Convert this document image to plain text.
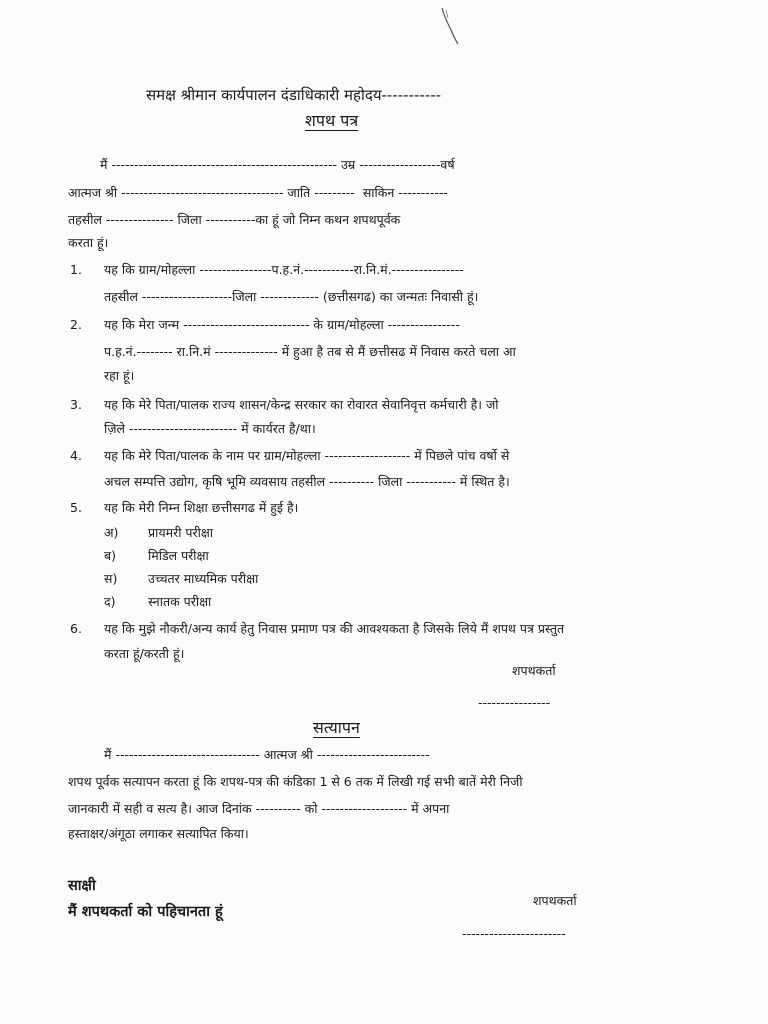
समक्ष श्रीमान कार्यपालन दंडाधिकारी महोदय-----------
शपथ पत्र
मैं -------------------------------------------------- उम्र ------------------वर्ष
आत्मज श्री ------------------------------------ जाति ---------  साकिन -----------
तहसील --------------- जिला -----------का हूं जो निम्न कथन शपथपूर्वक
करता हूं।
1. यह कि ग्राम/मोहल्ला ----------------प.ह.नं.-----------रा.नि.मं.----------------
तहसील --------------------जिला ------------- (छत्तीसगढ) का जन्मतः निवासी हूं।
2. यह कि मेरा जन्म ---------------------------- के ग्राम/मोहल्ला ----------------
प.ह.नं.-------- रा.नि.मं -------------- में हुआ है तब से मैं छत्तीसढ में निवास करते चला आ
रहा हूं।
3. यह कि मेरे पिता/पालक राज्य शासन/केन्द्र सरकार का रोवारत सेवानिवृत्त कर्मचारी है। जो
ज़िले ------------------------ में कार्यरत है/था।
4. यह कि मेरे पिता/पालक के नाम पर ग्राम/मोहल्ला ------------------- में पिछले पांच वर्षो से
अचल सम्पत्ति उद्योग, कृषि भूमि व्यवसाय तहसील ---------- जिला ----------- में स्थित है।
5. यह कि मेरी निम्न शिक्षा छत्तीसगढ में हुई है।
अ) प्रायमरी परीक्षा
ब)	मिडिल परीक्षा
स) उच्चतर माध्यमिक परीक्षा
द)	स्नातक परीक्षा
6. यह कि मुझे नौकरी/अन्य कार्य हेतु निवास प्रमाण पत्र की आवश्यकता है जिसके लिये मैं शपथ पत्र प्रस्तुत
करता हूं/करती हूं।
शपथकर्ता
----------------
सत्यापन
मैं -------------------------------- आत्मज श्री -------------------------
शपथ पूर्वक सत्यापन करता हूं कि शपथ-पत्र की कंडिका 1 से 6 तक में लिखी गई सभी बातें मेरी निजी
जानकारी में सही व सत्य है। आज दिनांक ---------- को ------------------- में अपना
हस्ताक्षर/अंगूठा लगाकर सत्यापित किया।
साक्षी
मैं शपथकर्ता को पहिचानता हूं
शपथकर्ता
-----------------------
